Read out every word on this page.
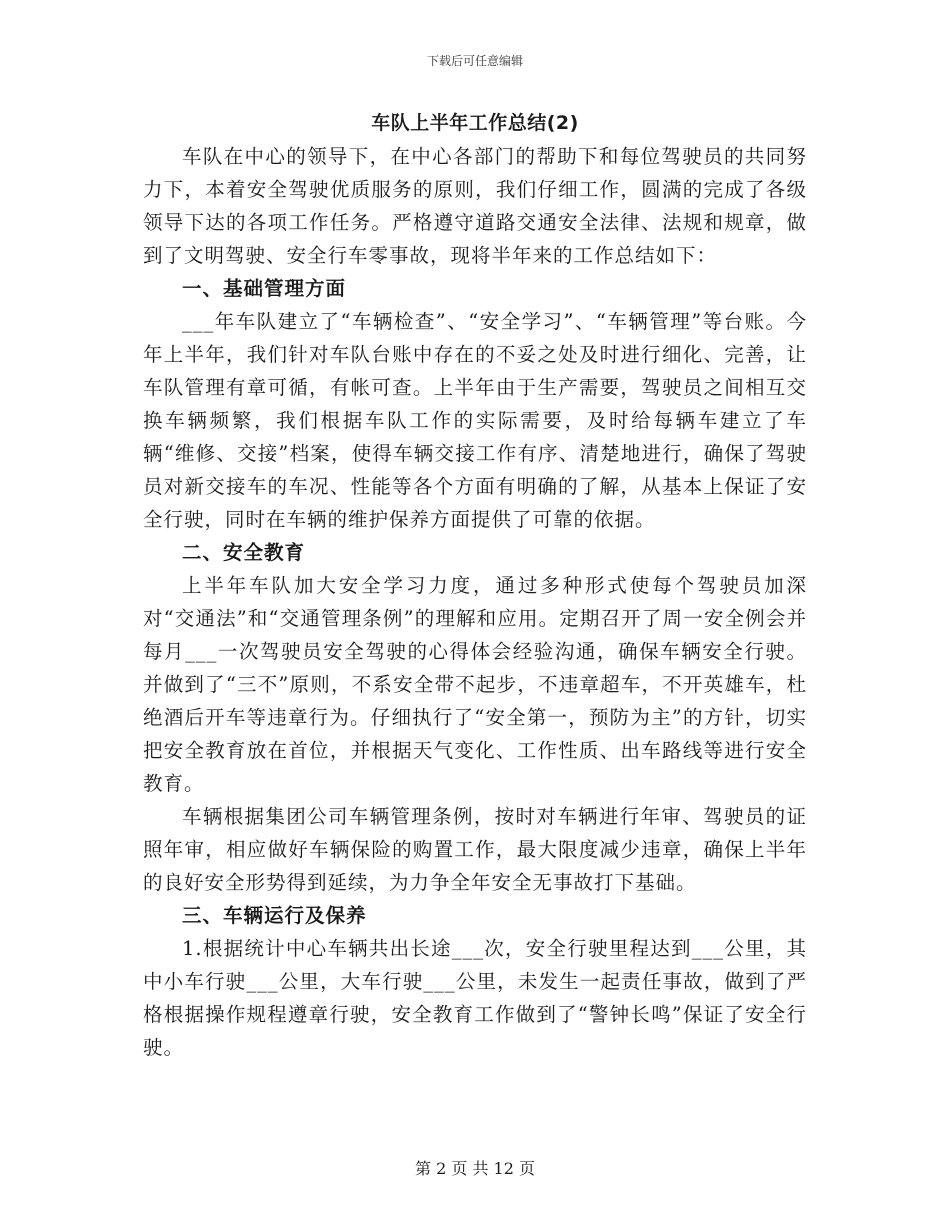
下载后可任意编辑

车队上半年工作总结(2)

车队在中心的领导下，在中心各部门的帮助下和每位驾驶员的共同努力下，本着安全驾驶优质服务的原则，我们仔细工作，圆满的完成了各级领导下达的各项工作任务。严格遵守道路交通安全法律、法规和规章，做到了文明驾驶、安全行车零事故，现将半年来的工作总结如下：

一、基础管理方面

___年车队建立了“车辆检查”、“安全学习”、“车辆管理”等台账。今年上半年，我们针对车队台账中存在的不妥之处及时进行细化、完善，让车队管理有章可循，有帐可查。上半年由于生产需要，驾驶员之间相互交换车辆频繁，我们根据车队工作的实际需要，及时给每辆车建立了车辆“维修、交接”档案，使得车辆交接工作有序、清楚地进行，确保了驾驶员对新交接车的车况、性能等各个方面有明确的了解，从基本上保证了安全行驶，同时在车辆的维护保养方面提供了可靠的依据。

二、安全教育

上半年车队加大安全学习力度，通过多种形式使每个驾驶员加深对“交通法”和“交通管理条例”的理解和应用。定期召开了周一安全例会并每月___一次驾驶员安全驾驶的心得体会经验沟通，确保车辆安全行驶。并做到了“三不”原则，不系安全带不起步，不违章超车，不开英雄车，杜绝酒后开车等违章行为。仔细执行了“安全第一，预防为主”的方针，切实把安全教育放在首位，并根据天气变化、工作性质、出车路线等进行安全教育。

车辆根据集团公司车辆管理条例，按时对车辆进行年审、驾驶员的证照年审，相应做好车辆保险的购置工作，最大限度减少违章，确保上半年的良好安全形势得到延续，为力争全年安全无事故打下基础。

三、车辆运行及保养

1.根据统计中心车辆共出长途___次，安全行驶里程达到___公里，其中小车行驶___公里，大车行驶___公里，未发生一起责任事故，做到了严格根据操作规程遵章行驶，安全教育工作做到了“警钟长鸣”保证了安全行驶。

第 2 页 共 12 页
